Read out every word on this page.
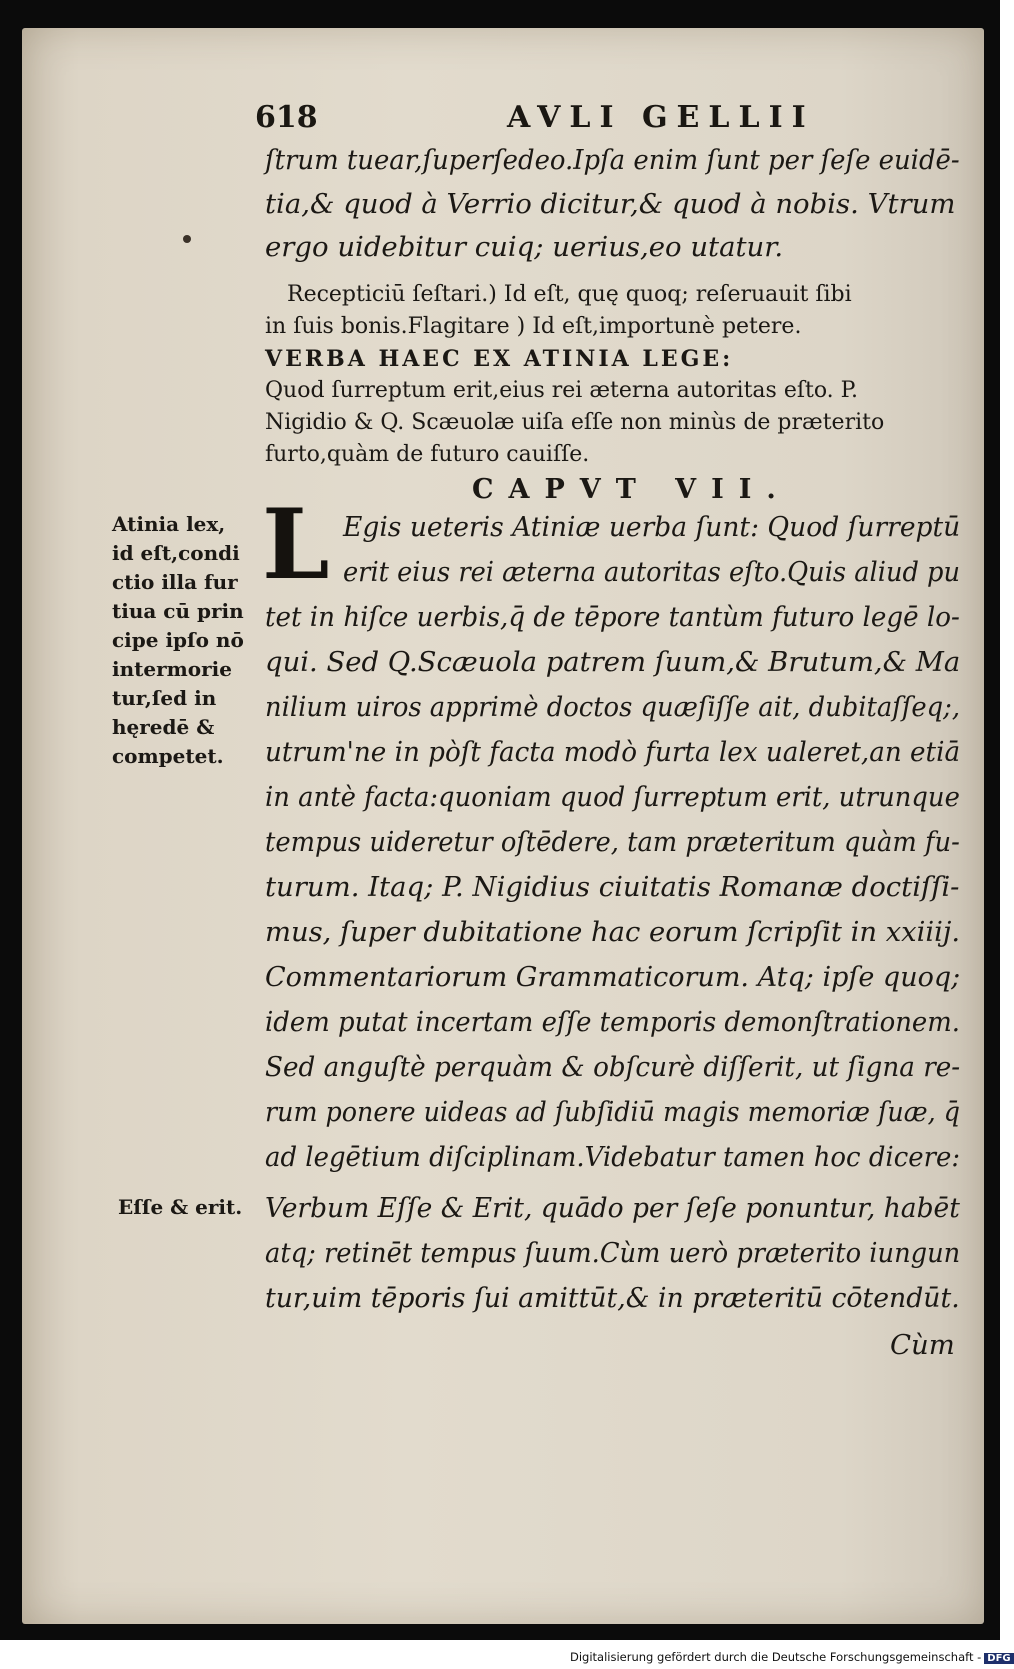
618	AVLI GELLII
ſtrum tuear,ſuperſedeo.Ipſa enim ſunt per ſeſe euidē-
tia,& quod à Verrio dicitur,& quod à nobis. Vtrum
ergo uidebitur cuiq; uerius,eo utatur.
Recepticiū ſeſtari.) Id eſt, quę quoq; reſeruauit ſibi
in ſuis bonis.Flagitare ) Id eſt,importunè petere.
VERBA HAEC EX ATINIA LEGE:
Quod ſurreptum erit,eius rei æterna autoritas eſto. P.
Nigidio & Q. Scæuolæ uiſa eſſe non minùs de præterito
furto,quàm de futuro cauiſſe.
CAPVT VII.
Atinia lex,
id eſt,condi
ctio illa fur
tiua cū prin
cipe ipſo nō
intermorie
tur,ſed in
hęredē &
competet.
Eſſe & erit.
L Egis ueteris Atiniæ uerba ſunt: Quod ſurreptū
erit eius rei æterna autoritas eſto.Quis aliud pu
tet in hiſce uerbis,q̄ de tēpore tantùm futuro legē lo-
qui. Sed Q.Scæuola patrem ſuum,& Brutum,& Ma
nilium uiros apprimè doctos quæſiſſe ait, dubitaſſeq;,
utrum'ne in pòſt facta modò furta lex ualeret,an etiā
in antè facta:quoniam quod ſurreptum erit, utrunque
tempus uideretur oſtēdere, tam præteritum quàm fu-
turum. Itaq; P. Nigidius ciuitatis Romanæ doctiſſi-
mus, ſuper dubitatione hac eorum ſcripſit in xxiiij.
Commentariorum Grammaticorum. Atq; ipſe quoq;
idem putat incertam eſſe temporis demonſtrationem.
Sed anguſtè perquàm & obſcurè diſſerit, ut ſigna re-
rum ponere uideas ad ſubſidiū magis memoriæ ſuæ, q̄
ad legētium diſciplinam.Videbatur tamen hoc dicere:
Verbum Eſſe & Erit, quādo per ſeſe ponuntur, habēt
atq; retinēt tempus ſuum.Cùm uerò præterito iungun
tur,uim tēporis ſui amittūt,& in præteritū cōtendūt.
Cùm
Digitalisierung gefördert durch die Deutsche Forschungsgemeinschaft - DFG
